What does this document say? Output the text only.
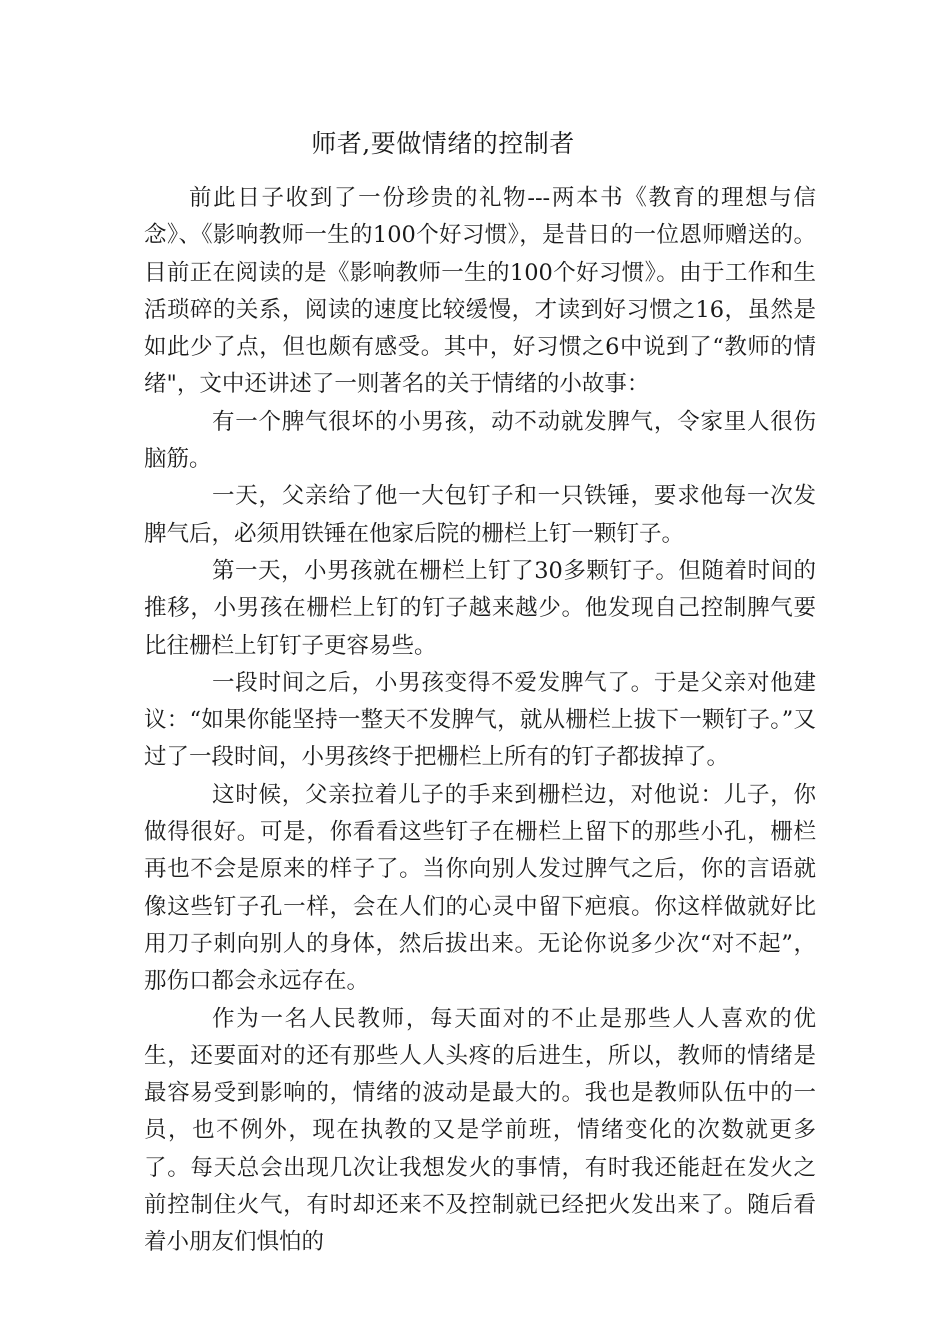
师者,要做情绪的控制者

前此日子收到了一份珍贵的礼物---两本书《教育的理想与信念》、《影响教师一生的100个好习惯》，是昔日的一位恩师赠送的。目前正在阅读的是《影响教师一生的100个好习惯》。由于工作和生活琐碎的关系，阅读的速度比较缓慢，才读到好习惯之16，虽然是如此少了点，但也颇有感受。其中，好习惯之6中说到了“教师的情绪"，文中还讲述了一则著名的关于情绪的小故事：

有一个脾气很坏的小男孩，动不动就发脾气，令家里人很伤脑筋。

一天，父亲给了他一大包钉子和一只铁锤，要求他每一次发脾气后，必须用铁锤在他家后院的栅栏上钉一颗钉子。

第一天，小男孩就在栅栏上钉了30多颗钉子。但随着时间的推移，小男孩在栅栏上钉的钉子越来越少。他发现自己控制脾气要比往栅栏上钉钉子更容易些。

一段时间之后，小男孩变得不爱发脾气了。于是父亲对他建议：“如果你能坚持一整天不发脾气，就从栅栏上拔下一颗钉子。”又过了一段时间，小男孩终于把栅栏上所有的钉子都拔掉了。

这时候，父亲拉着儿子的手来到栅栏边，对他说：儿子，你做得很好。可是，你看看这些钉子在栅栏上留下的那些小孔，栅栏再也不会是原来的样子了。当你向别人发过脾气之后，你的言语就像这些钉子孔一样，会在人们的心灵中留下疤痕。你这样做就好比用刀子刺向别人的身体，然后拔出来。无论你说多少次“对不起”，那伤口都会永远存在。

作为一名人民教师，每天面对的不止是那些人人喜欢的优生，还要面对的还有那些人人头疼的后进生，所以，教师的情绪是最容易受到影响的，情绪的波动是最大的。我也是教师队伍中的一员，也不例外，现在执教的又是学前班，情绪变化的次数就更多了。每天总会出现几次让我想发火的事情，有时我还能赶在发火之前控制住火气，有时却还来不及控制就已经把火发出来了。随后看着小朋友们惧怕的
